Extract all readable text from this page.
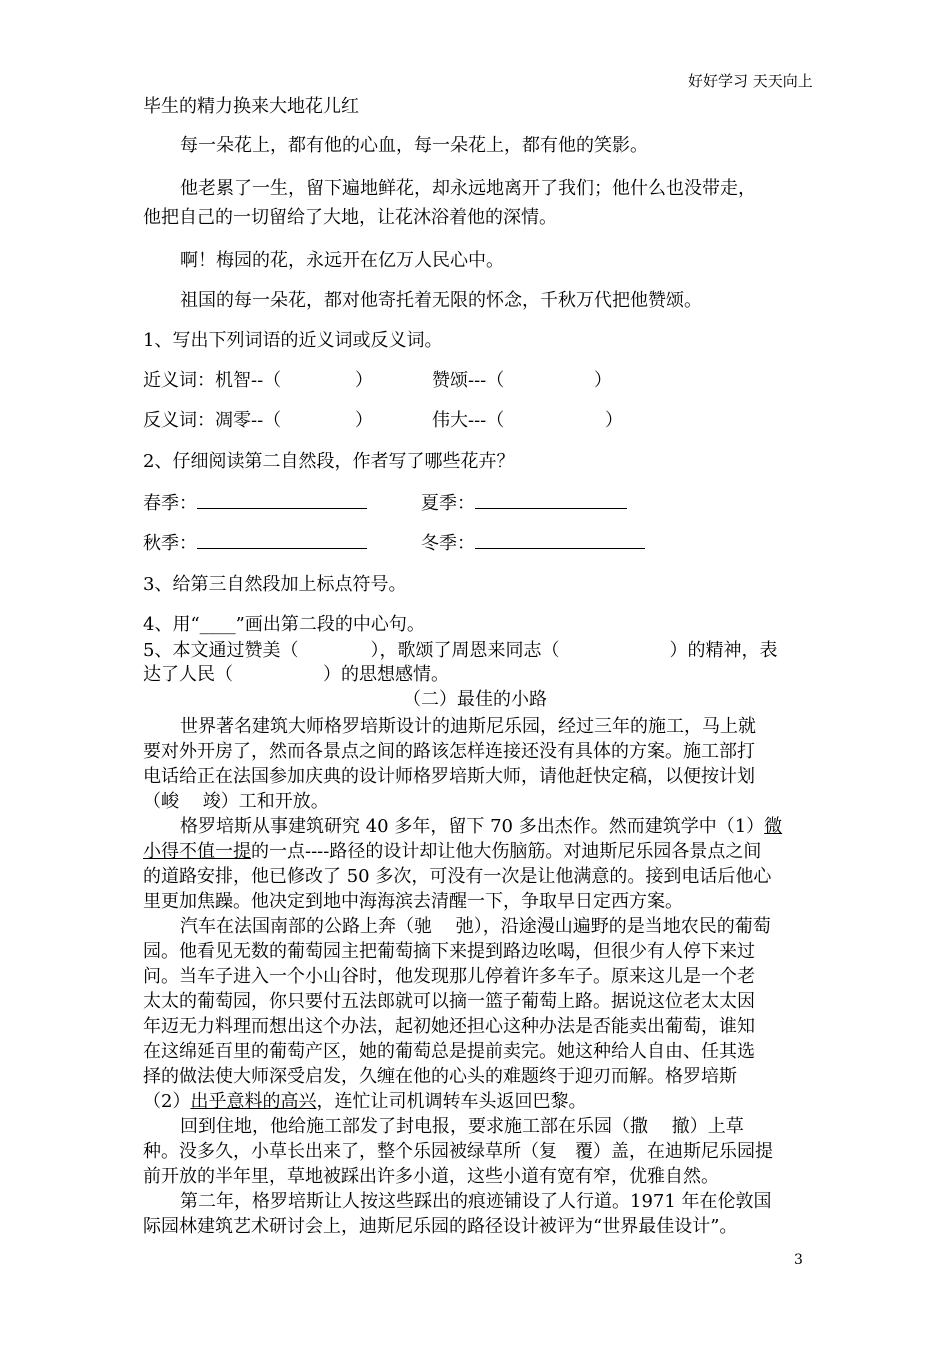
好好学习 天天向上
毕生的精力换来大地花儿红
每一朵花上，都有他的心血，每一朵花上，都有他的笑影。
他老累了一生，留下遍地鲜花，却永远地离开了我们；他什么也没带走，
他把自己的一切留给了大地，让花沐浴着他的深情。
啊！梅园的花，永远开在亿万人民心中。
祖国的每一朵花，都对他寄托着无限的怀念，千秋万代把他赞颂。
1、写出下列词语的近义词或反义词。
近义词：机智--（	）	赞颂---（	）
反义词：凋零--（	）	伟大---（	）
2、仔细阅读第二自然段，作者写了哪些花卉？
春季：	夏季：
秋季：	冬季：
3、给第三自然段加上标点符号。
4、用“____”画出第二段的中心句。
5、本文通过赞美（	），歌颂了周恩来同志（	）的精神，表
达了人民（	）的思想感情。
（二）最佳的小路
世界著名建筑大师格罗培斯设计的迪斯尼乐园，经过三年的施工，马上就
要对外开房了，然而各景点之间的路该怎样连接还没有具体的方案。施工部打
电话给正在法国参加庆典的设计师格罗培斯大师，请他赶快定稿，以便按计划
（峻　 竣）工和开放。
格罗培斯从事建筑研究 40 多年，留下 70 多出杰作。然而建筑学中（1）微
小得不值一提的一点----路径的设计却让他大伤脑筋。对迪斯尼乐园各景点之间
的道路安排，他已修改了 50 多次，可没有一次是让他满意的。接到电话后他心
里更加焦躁。他决定到地中海海滨去清醒一下，争取早日定西方案。
汽车在法国南部的公路上奔（驰　 弛），沿途漫山遍野的是当地农民的葡萄
园。他看见无数的葡萄园主把葡萄摘下来提到路边吆喝，但很少有人停下来过
问。当车子进入一个小山谷时，他发现那儿停着许多车子。原来这儿是一个老
太太的葡萄园，你只要付五法郎就可以摘一篮子葡萄上路。据说这位老太太因
年迈无力料理而想出这个办法，起初她还担心这种办法是否能卖出葡萄，谁知
在这绵延百里的葡萄产区，她的葡萄总是提前卖完。她这种给人自由、任其选
择的做法使大师深受启发，久缠在他的心头的难题终于迎刃而解。格罗培斯
（2）出乎意料的高兴，连忙让司机调转车头返回巴黎。
回到住地，他给施工部发了封电报，要求施工部在乐园（撒　 撤）上草
种。没多久，小草长出来了，整个乐园被绿草所（复　覆）盖，在迪斯尼乐园提
前开放的半年里，草地被踩出许多小道，这些小道有宽有窄，优雅自然。
第二年，格罗培斯让人按这些踩出的痕迹铺设了人行道。1971 年在伦敦国
际园林建筑艺术研讨会上，迪斯尼乐园的路径设计被评为“世界最佳设计”。
3
